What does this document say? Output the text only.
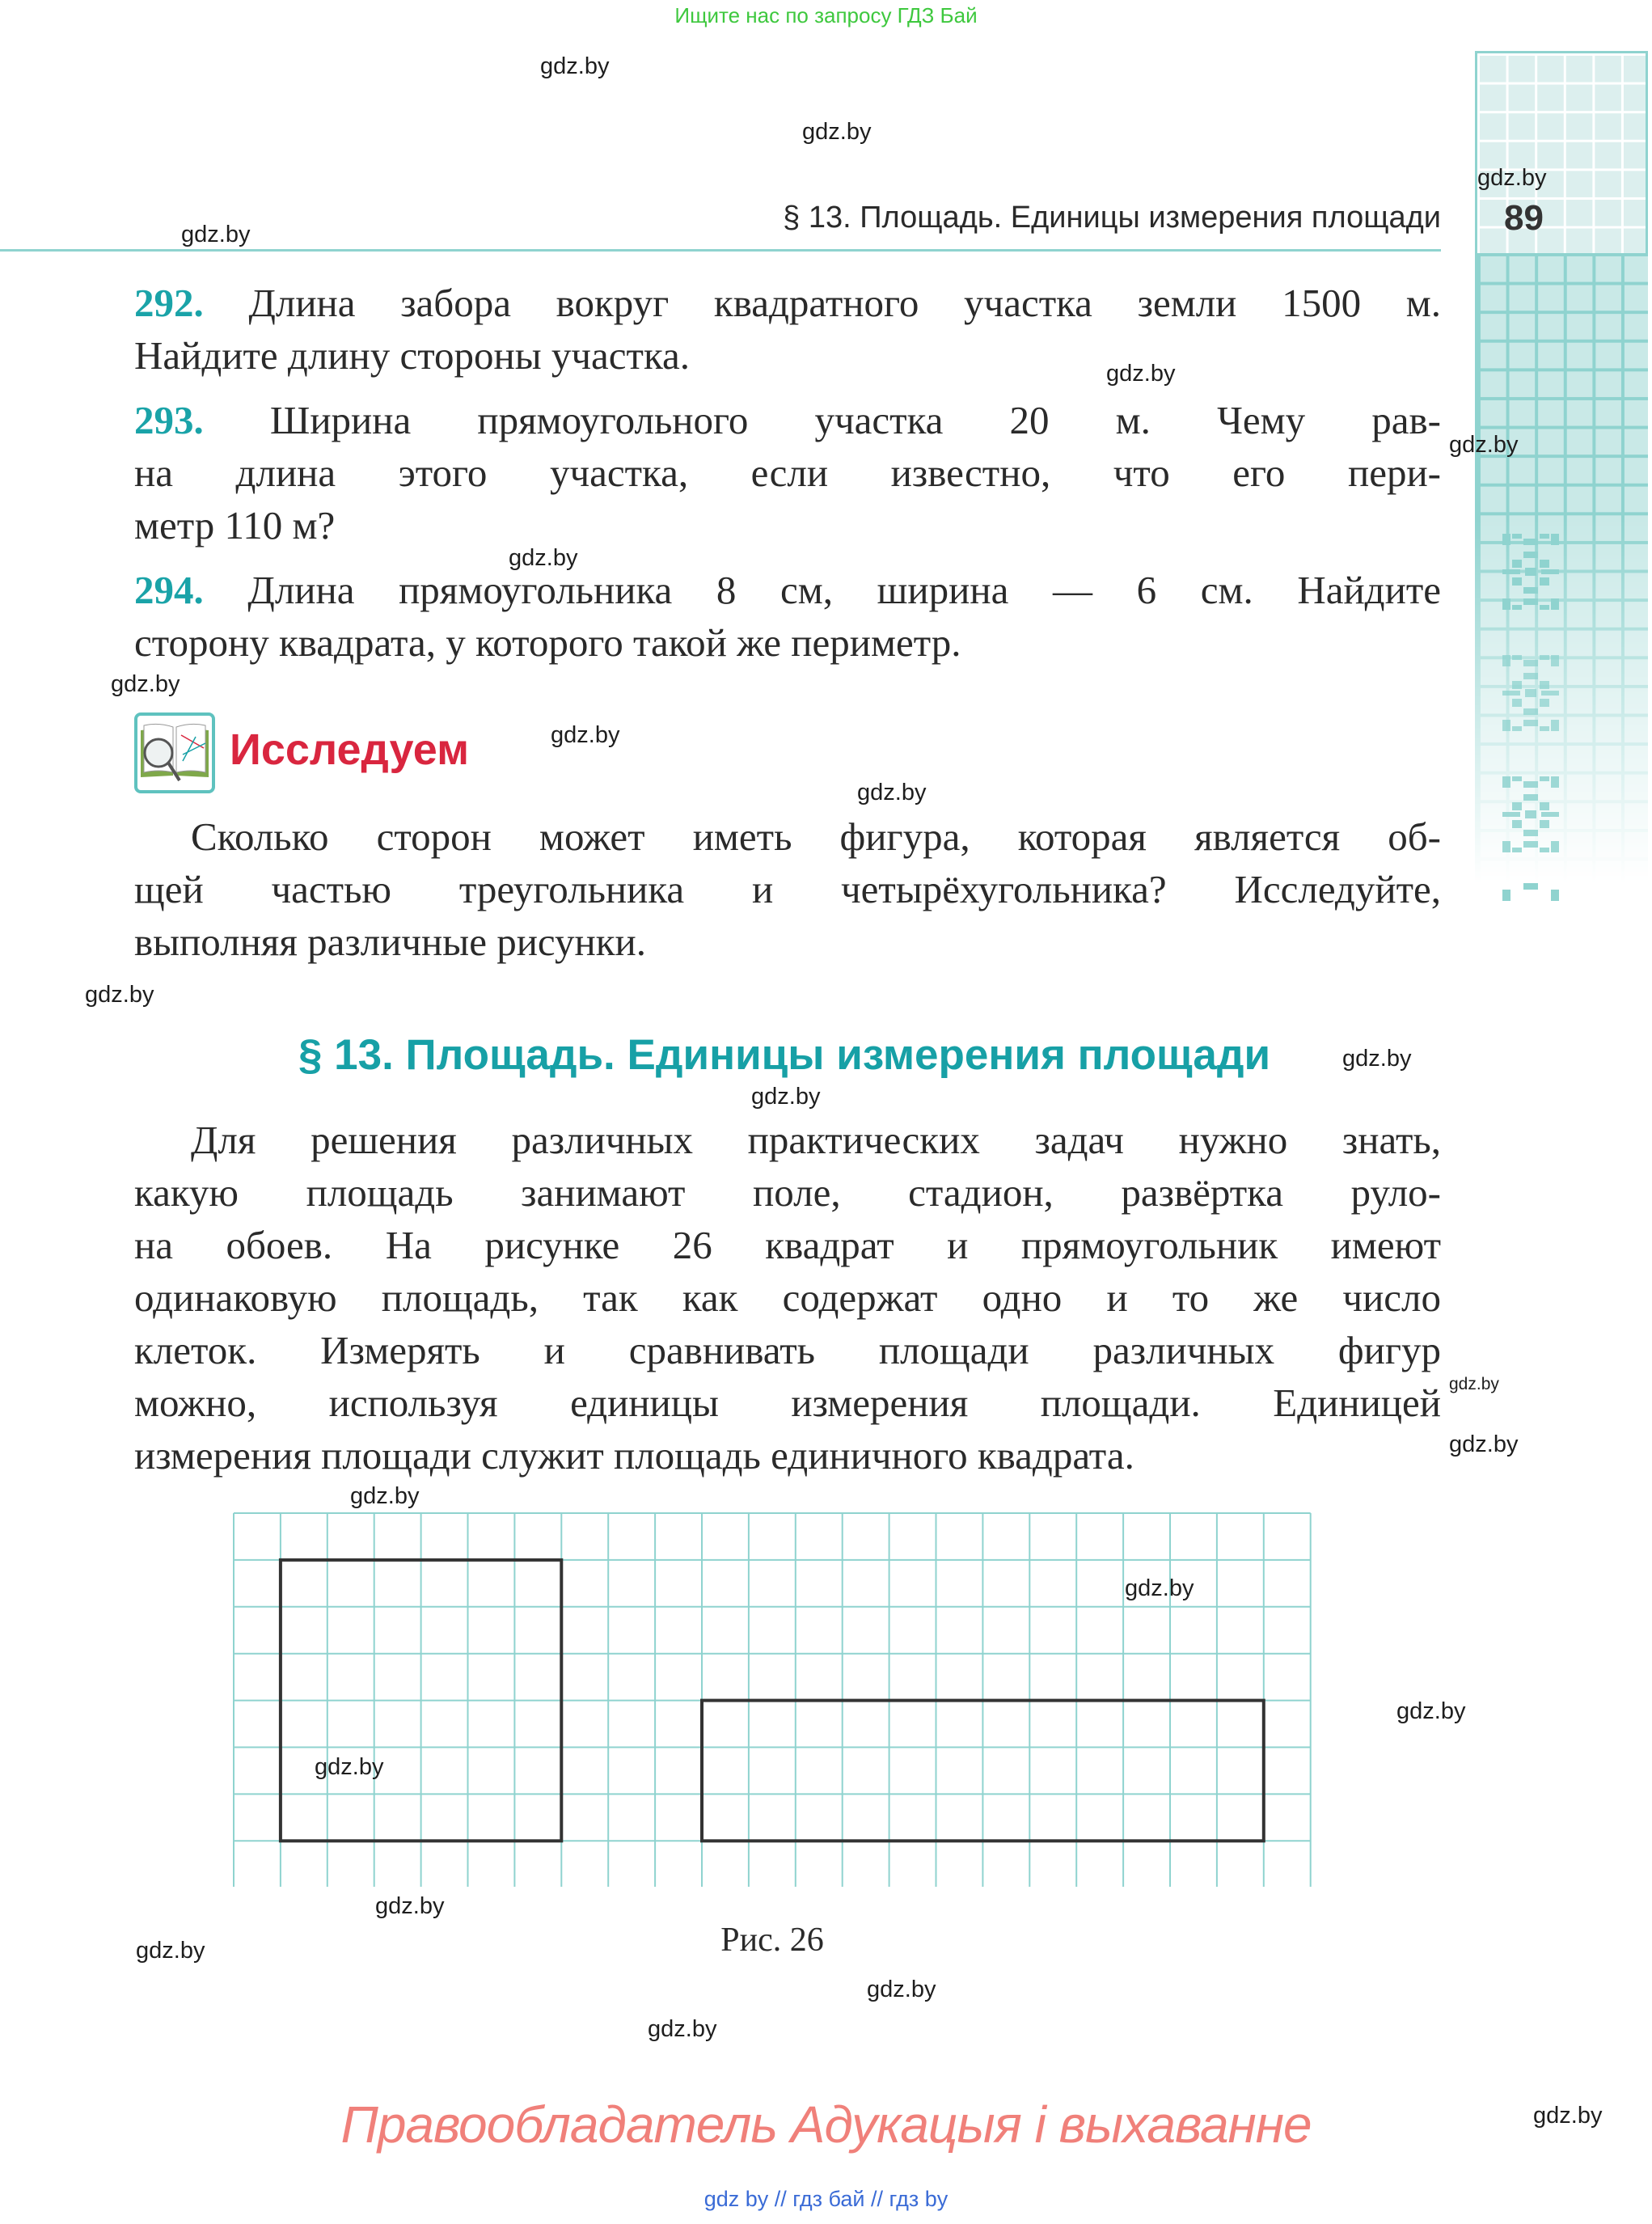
Ищите нас по запросу ГДЗ Бай
§ 13. Площадь. Единицы измерения площади 89
292. Длина забора вокруг квадратного участка земли 1500 м.
Найдите длину стороны участка.
293. Ширина прямоугольного участка 20 м. Чему рав-
на длина этого участка, если известно, что его пери-
метр 110 м?
294. Длина прямоугольника 8 см, ширина — 6 см. Найдите
сторону квадрата, у которого такой же периметр.
Исследуем
Сколько сторон может иметь фигура, которая является об-
щей частью треугольника и четырёхугольника? Исследуйте,
выполняя различные рисунки.
§ 13. Площадь. Единицы измерения площади
Для решения различных практических задач нужно знать,
какую площадь занимают поле, стадион, развёртка руло-
на обоев. На рисунке 26 квадрат и прямоугольник имеют
одинаковую площадь, так как содержат одно и то же число
клеток. Измерять и сравнивать площади различных фигур
можно, используя единицы измерения площади. Единицей
измерения площади служит площадь единичного квадрата.
Рис. 26
Правообладатель Адукацыя і выхаванне
gdz by // гдз бай // гдз by
gdz.by
gdz.by
gdz.by
gdz.by
gdz.by
gdz.by
gdz.by
gdz.by
gdz.by
gdz.by
gdz.by
gdz.by
gdz.by
gdz.by
gdz.by
gdz.by
gdz.by
gdz.by
gdz.by
gdz.by
gdz.by
gdz.by
gdz.by
gdz.by
